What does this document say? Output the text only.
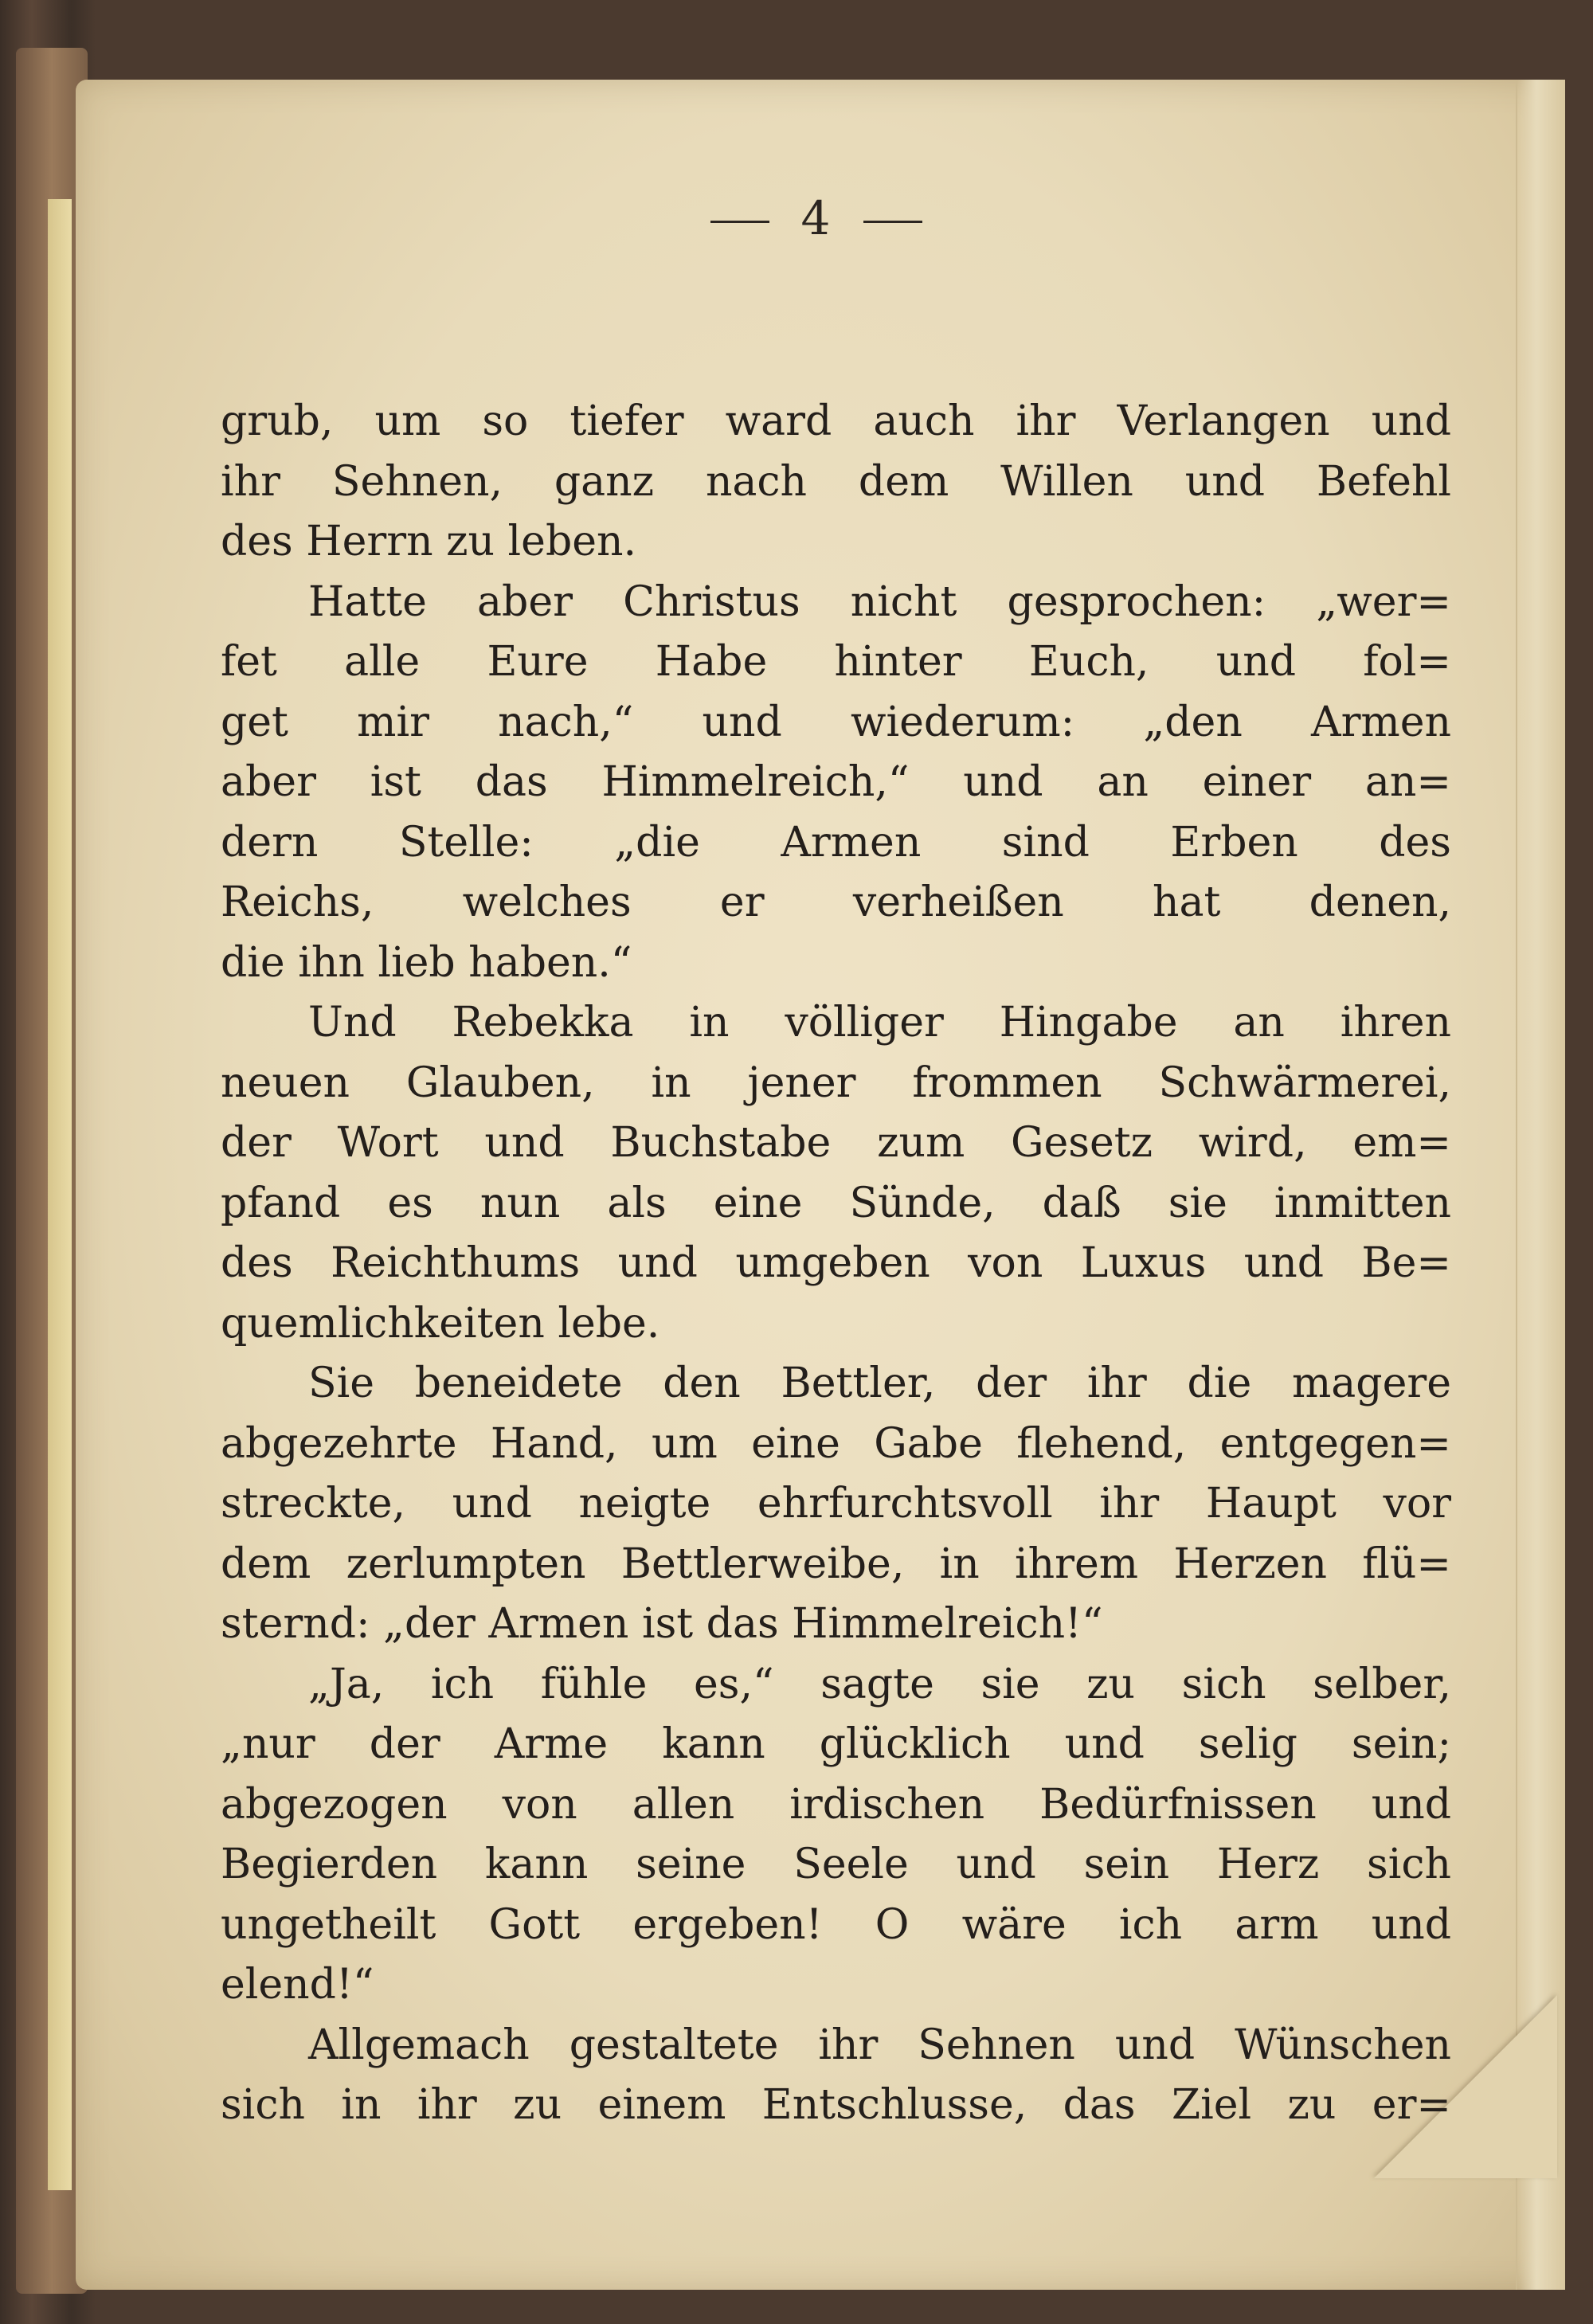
4
grub, um so tiefer ward auch ihr Verlangen und
ihr Sehnen, ganz nach dem Willen und Befehl
des Herrn zu leben.
Hatte aber Christus nicht gesprochen: „wer=
fet alle Eure Habe hinter Euch, und fol=
get mir nach,“ und wiederum: „den Armen
aber ist das Himmelreich,“ und an einer an=
dern Stelle: „die Armen sind Erben des
Reichs, welches er verheißen hat denen,
die ihn lieb haben.“
Und Rebekka in völliger Hingabe an ihren
neuen Glauben, in jener frommen Schwärmerei,
der Wort und Buchstabe zum Gesetz wird, em=
pfand es nun als eine Sünde, daß sie inmitten
des Reichthums und umgeben von Luxus und Be=
quemlichkeiten lebe.
Sie beneidete den Bettler, der ihr die magere
abgezehrte Hand, um eine Gabe flehend, entgegen=
streckte, und neigte ehrfurchtsvoll ihr Haupt vor
dem zerlumpten Bettlerweibe, in ihrem Herzen flü=
sternd: „der Armen ist das Himmelreich!“
„Ja, ich fühle es,“ sagte sie zu sich selber,
„nur der Arme kann glücklich und selig sein;
abgezogen von allen irdischen Bedürfnissen und
Begierden kann seine Seele und sein Herz sich
ungetheilt Gott ergeben! O wäre ich arm und
elend!“
Allgemach gestaltete ihr Sehnen und Wünschen
sich in ihr zu einem Entschlusse, das Ziel zu er=
